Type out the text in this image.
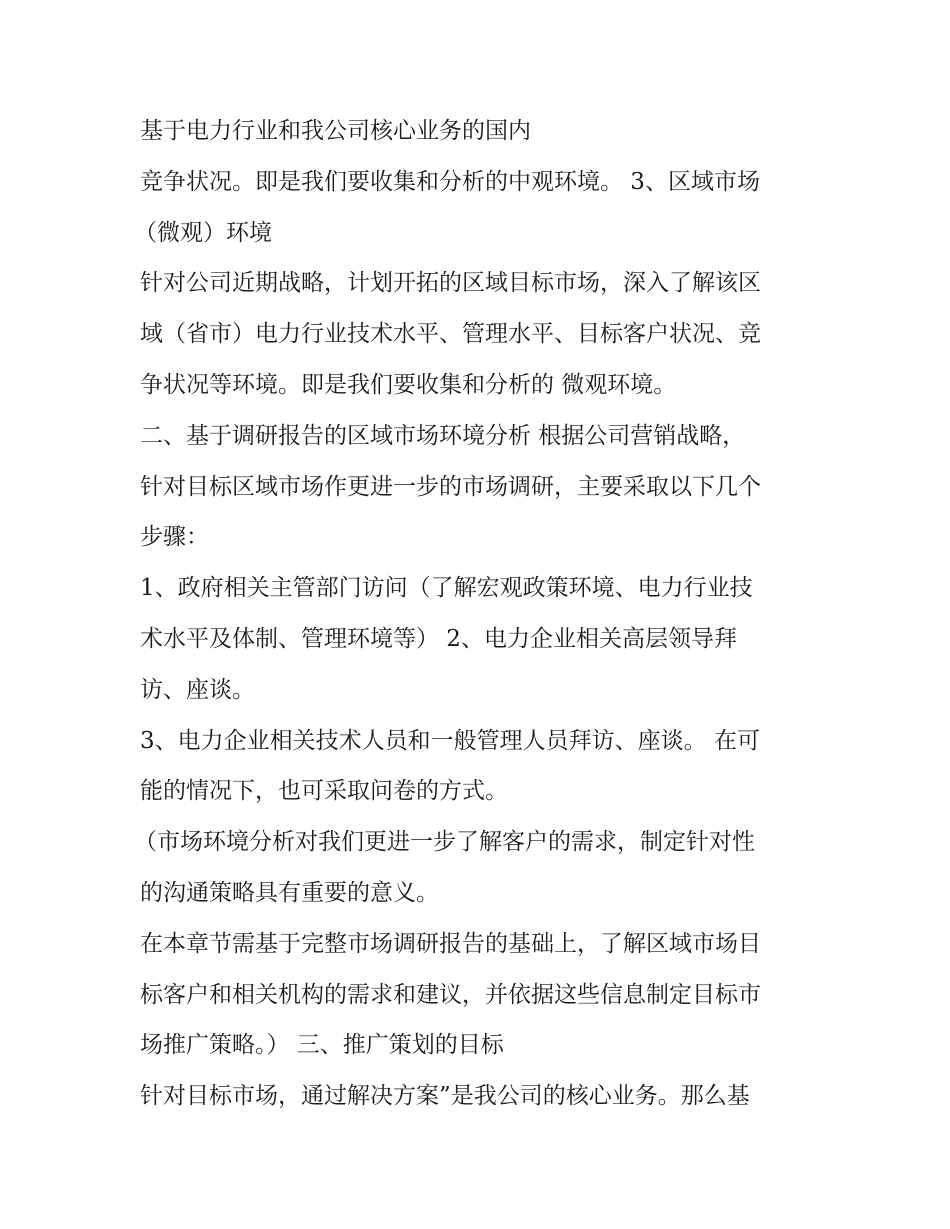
基于电力行业和我公司核心业务的国内

竞争状况。即是我们要收集和分析的中观环境。 3、区域市场

（微观）环境

针对公司近期战略，计划开拓的区域目标市场，深入了解该区

域（省市）电力行业技术水平、管理水平、目标客户状况、竞

争状况等环境。即是我们要收集和分析的 微观环境。

二、基于调研报告的区域市场环境分析 根据公司营销战略，

针对目标区域市场作更进一步的市场调研，主要采取以下几个

步骤：

1、政府相关主管部门访问（了解宏观政策环境、电力行业技

术水平及体制、管理环境等） 2、电力企业相关高层领导拜

访、座谈。

3、电力企业相关技术人员和一般管理人员拜访、座谈。 在可

能的情况下，也可采取问卷的方式。

（市场环境分析对我们更进一步了解客户的需求，制定针对性

的沟通策略具有重要的意义。

在本章节需基于完整市场调研报告的基础上，了解区域市场目

标客户和相关机构的需求和建议，并依据这些信息制定目标市

场推广策略。） 三、推广策划的目标

针对目标市场，通过解决方案”是我公司的核心业务。那么基
